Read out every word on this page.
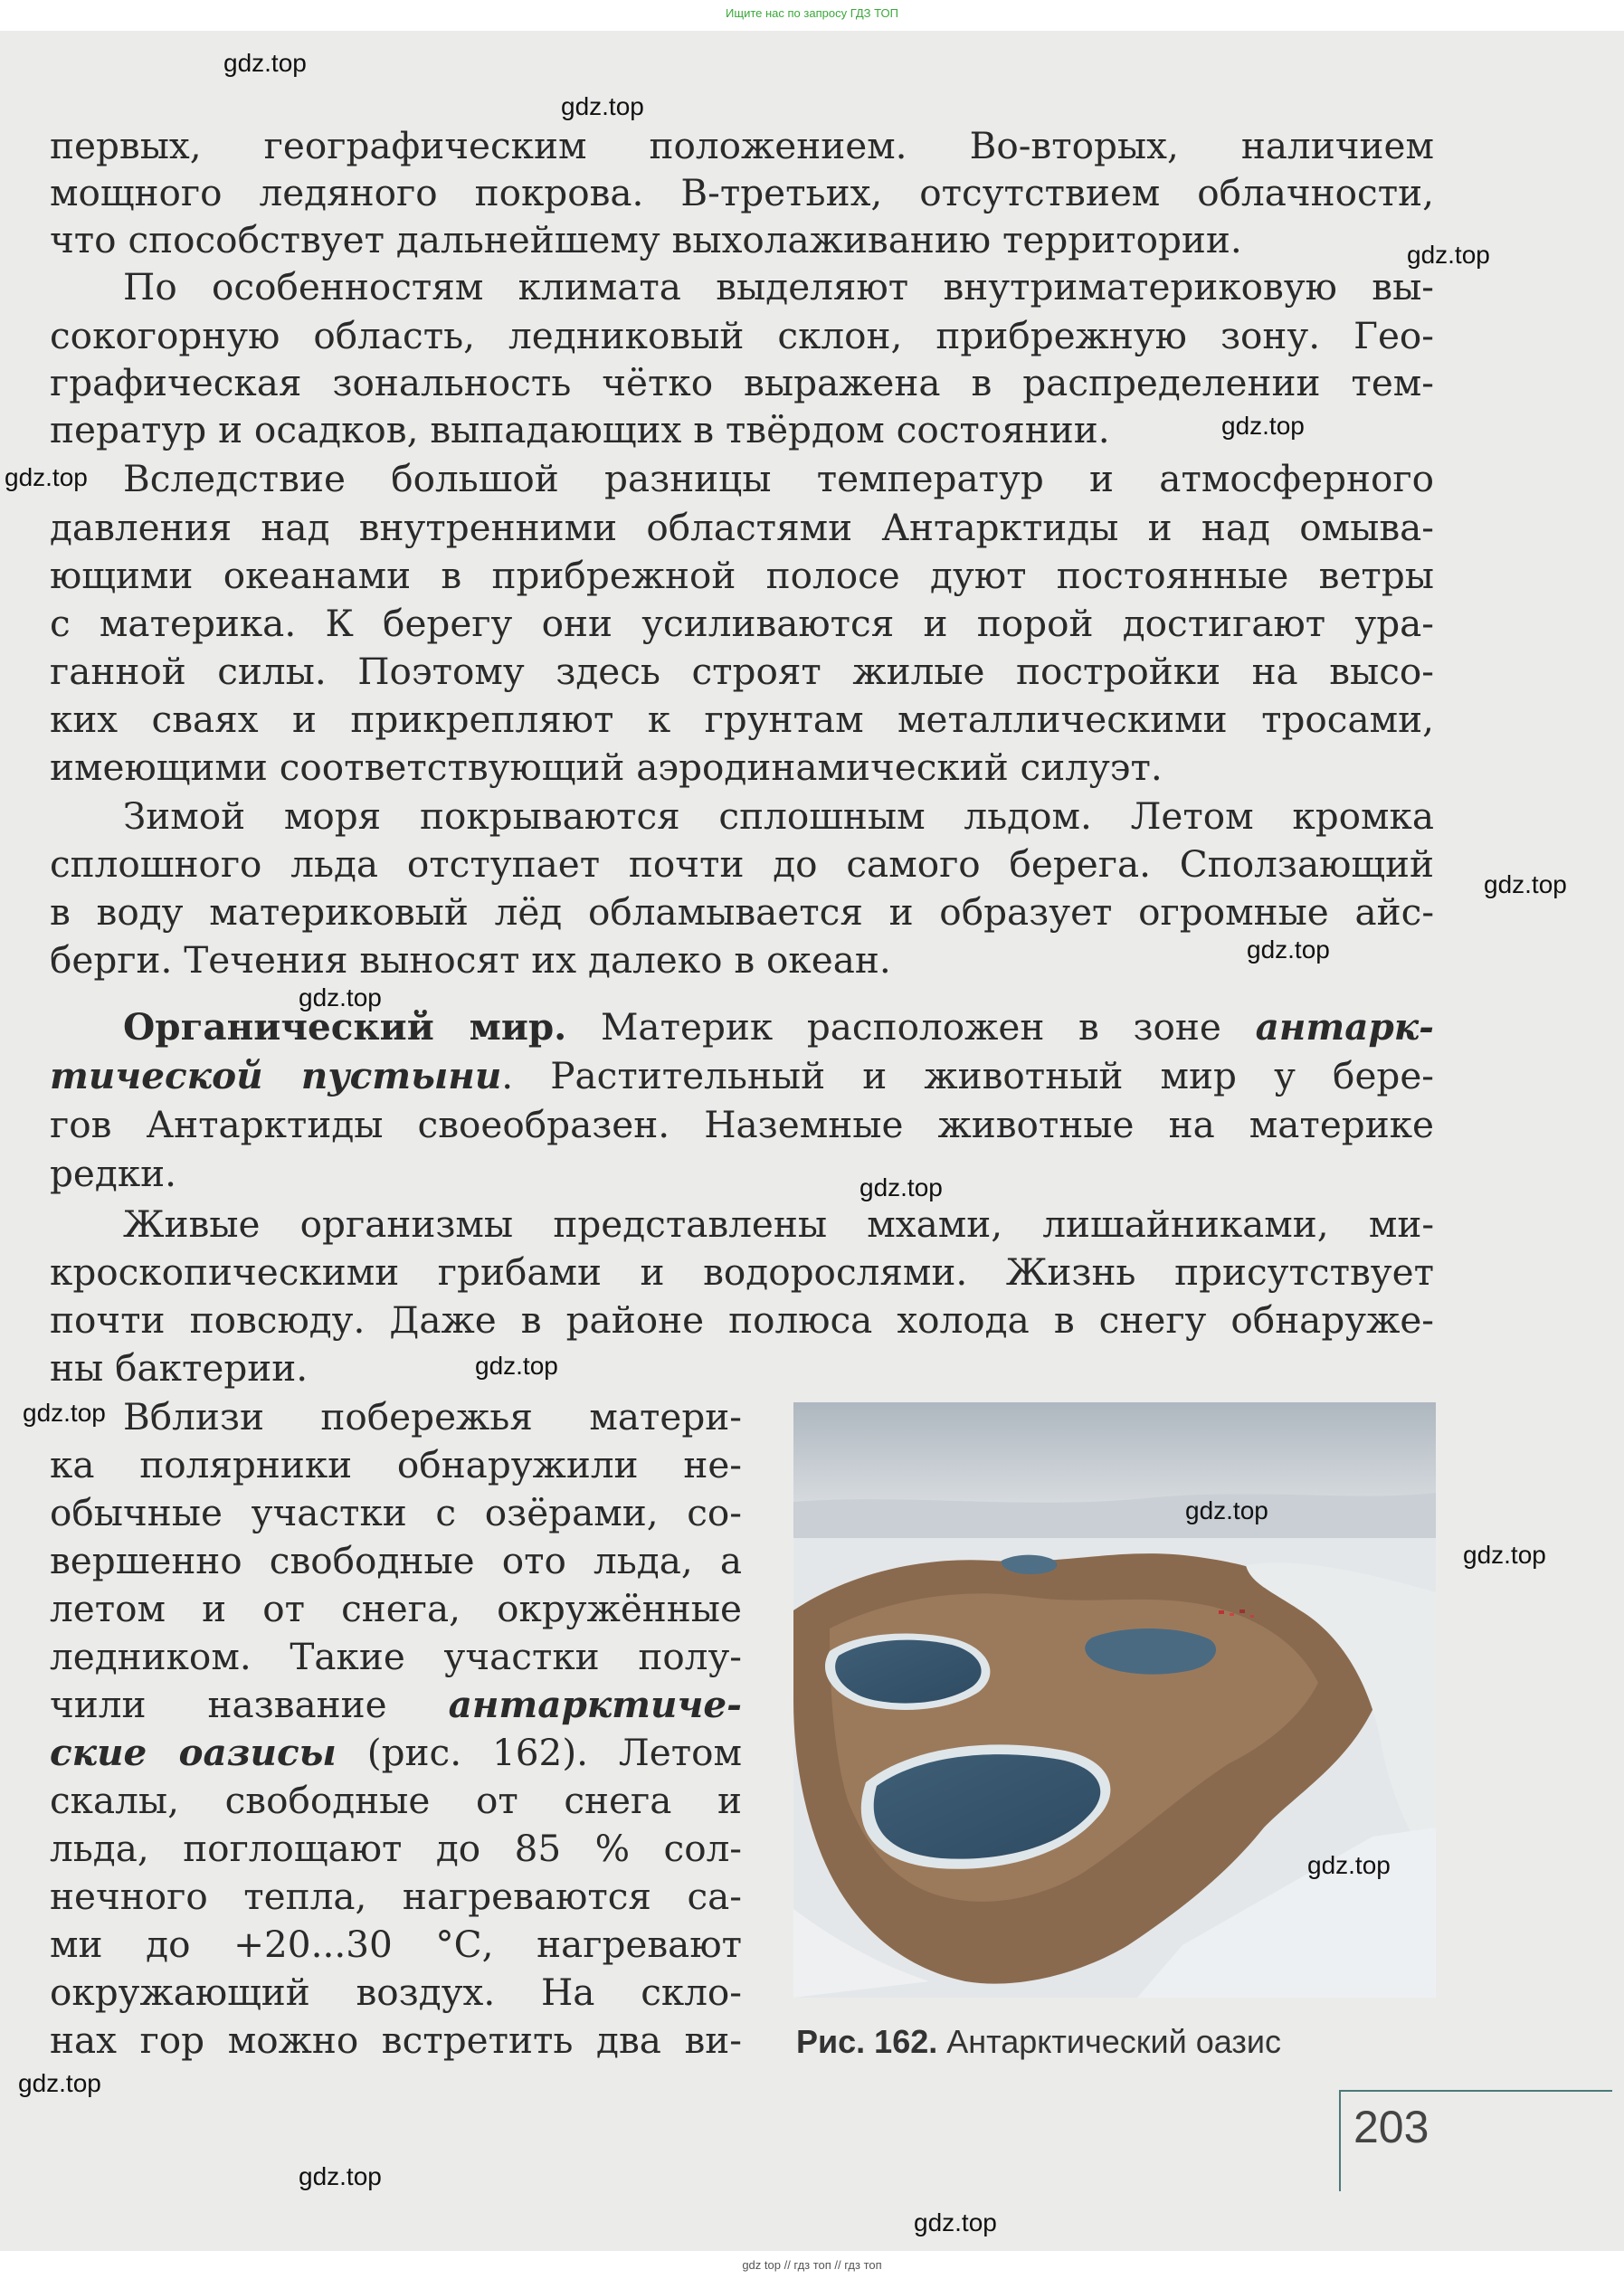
Ищите нас по запросу ГДЗ ТОП
первых, географическим положением. Во-вторых, наличием
мощного ледяного покрова. В-третьих, отсутствием облачности,
что способствует дальнейшему выхолаживанию территории.
По особенностям климата выделяют внутриматериковую вы-
сокогорную область, ледниковый склон, прибрежную зону. Гео-
графическая зональность чётко выражена в распределении тем-
ператур и осадков, выпадающих в твёрдом состоянии.
Вследствие большой разницы температур и атмосферного
давления над внутренними областями Антарктиды и над омыва-
ющими океанами в прибрежной полосе дуют постоянные ветры
с материка. К берегу они усиливаются и порой достигают ура-
ганной силы. Поэтому здесь строят жилые постройки на высо-
ких сваях и прикрепляют к грунтам металлическими тросами,
имеющими соответствующий аэродинамический силуэт.
Зимой моря покрываются сплошным льдом. Летом кромка
сплошного льда отступает почти до самого берега. Сползающий
в воду материковый лёд обламывается и образует огромные айс-
берги. Течения выносят их далеко в океан.
Органический мир. Материк расположен в зоне антарк-
тической пустыни. Растительный и животный мир у бере-
гов Антарктиды своеобразен. Наземные животные на материке
редки.
Живые организмы представлены мхами, лишайниками, ми-
кроскопическими грибами и водорослями. Жизнь присутствует
почти повсюду. Даже в районе полюса холода в снегу обнаруже-
ны бактерии.
Вблизи побережья матери-
ка полярники обнаружили не-
обычные участки с озёрами, со-
вершенно свободные ото льда, а
летом и от снега, окружённые
ледником. Такие участки полу-
чили название антарктиче-
ские оазисы (рис. 162). Летом
скалы, свободные от снега и
льда, поглощают до 85 % сол-
нечного тепла, нагреваются са-
ми до +20...30 °С, нагревают
окружающий воздух. На скло-
нах гор можно встретить два ви- Рис. 162. Антарктический оазис
203
gdz.top
gdz.top
gdz.top
gdz.top
gdz.top
gdz.top
gdz.top
gdz.top
gdz.top
gdz.top
gdz.top
gdz.top
gdz.top
gdz.top
gdz.top
gdz.top
gdz.top
gdz top // гдз топ // гдз топ
